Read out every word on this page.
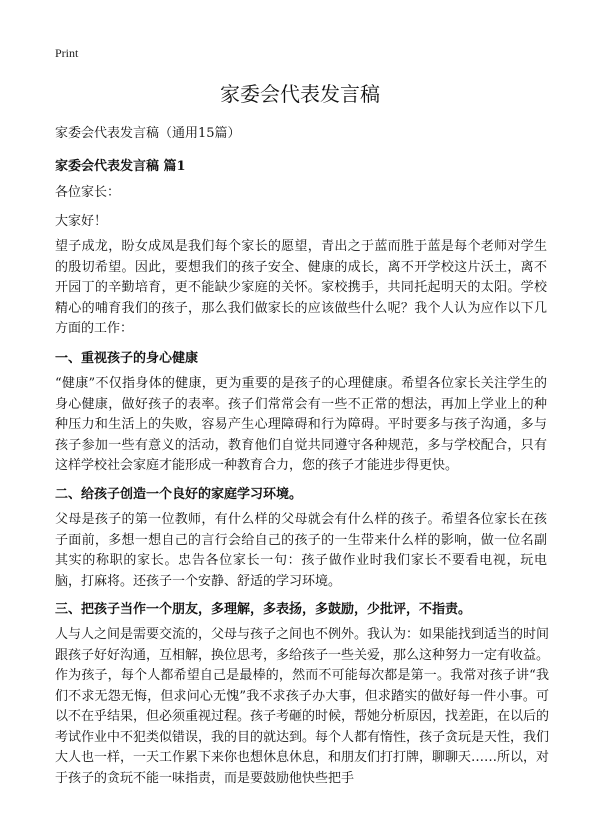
Print
家委会代表发言稿

家委会代表发言稿（通用15篇）

家委会代表发言稿 篇1

各位家长：

大家好！

望子成龙，盼女成凤是我们每个家长的愿望，青出之于蓝而胜于蓝是每个老师对学生的殷切希望。因此，要想我们的孩子安全、健康的成长，离不开学校这片沃土，离不开园丁的辛勤培育，更不能缺少家庭的关怀。家校携手，共同托起明天的太阳。学校精心的哺育我们的孩子，那么我们做家长的应该做些什么呢？我个人认为应作以下几方面的工作：

一、重视孩子的身心健康

“健康”不仅指身体的健康，更为重要的是孩子的心理健康。希望各位家长关注学生的身心健康，做好孩子的表率。孩子们常常会有一些不正常的想法，再加上学业上的种种压力和生活上的失败，容易产生心理障碍和行为障碍。平时要多与孩子沟通，多与孩子参加一些有意义的活动，教育他们自觉共同遵守各种规范，多与学校配合，只有这样学校社会家庭才能形成一种教育合力，您的孩子才能进步得更快。

二、给孩子创造一个良好的家庭学习环境。

父母是孩子的第一位教师，有什么样的父母就会有什么样的孩子。希望各位家长在孩子面前，多想一想自己的言行会给自己的孩子的一生带来什么样的影响，做一位名副其实的称职的家长。忠告各位家长一句：孩子做作业时我们家长不要看电视，玩电脑，打麻将。还孩子一个安静、舒适的学习环境。

三、把孩子当作一个朋友，多理解，多表扬，多鼓励，少批评，不指责。

人与人之间是需要交流的，父母与孩子之间也不例外。我认为：如果能找到适当的时间跟孩子好好沟通，互相解，换位思考，多给孩子一些关爱，那么这种努力一定有收益。作为孩子，每个人都希望自己是最棒的，然而不可能每次都是第一。我常对孩子讲“我们不求无怨无悔，但求问心无愧”我不求孩子办大事，但求踏实的做好每一件小事。可以不在乎结果，但必须重视过程。孩子考砸的时候，帮她分析原因，找差距，在以后的考试作业中不犯类似错误，我的目的就达到。每个人都有惰性，孩子贪玩是天性，我们大人也一样，一天工作累下来你也想休息休息，和朋友们打打牌，聊聊天……所以，对于孩子的贪玩不能一味指责，而是要鼓励他快些把手
